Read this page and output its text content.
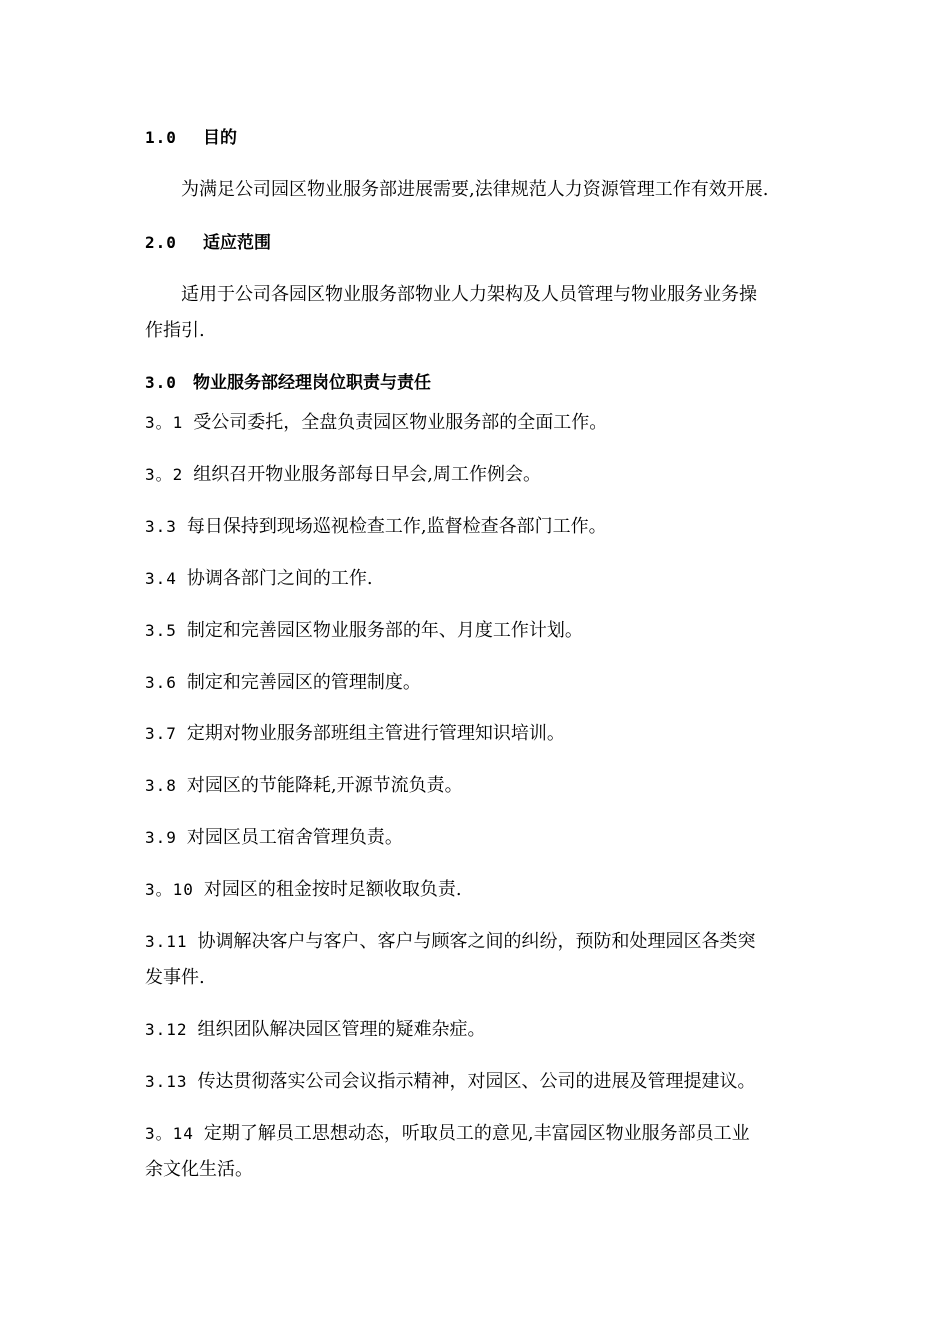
1.0 目的
为满足公司园区物业服务部进展需要,法律规范人力资源管理工作有效开展.
2.0 适应范围
适用于公司各园区物业服务部物业人力架构及人员管理与物业服务业务操
作指引.
3.0 物业服务部经理岗位职责与责任
3。1 受公司委托，全盘负责园区物业服务部的全面工作。
3。2 组织召开物业服务部每日早会,周工作例会。
3.3 每日保持到现场巡视检查工作,监督检查各部门工作。
3.4 协调各部门之间的工作.
3.5 制定和完善园区物业服务部的年、月度工作计划。
3.6 制定和完善园区的管理制度。
3.7 定期对物业服务部班组主管进行管理知识培训。
3.8 对园区的节能降耗,开源节流负责。
3.9 对园区员工宿舍管理负责。
3。10 对园区的租金按时足额收取负责.
3.11 协调解决客户与客户、客户与顾客之间的纠纷，预防和处理园区各类突
发事件.
3.12 组织团队解决园区管理的疑难杂症。
3.13 传达贯彻落实公司会议指示精神，对园区、公司的进展及管理提建议。
3。14 定期了解员工思想动态，听取员工的意见,丰富园区物业服务部员工业
余文化生活。
